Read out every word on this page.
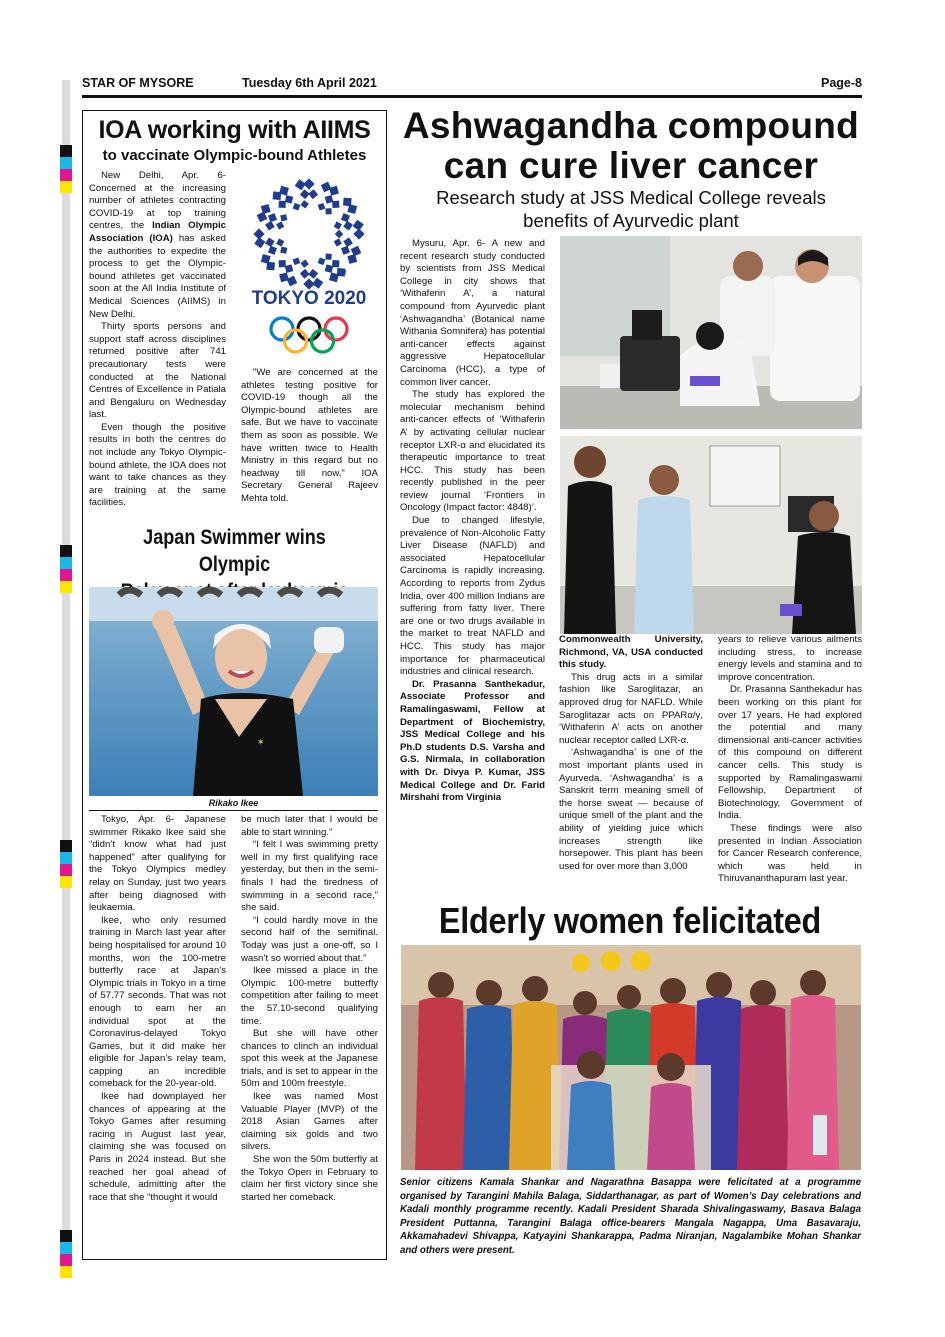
STAR OF MYSORE	Tuesday 6th April 2021	Page-8
IOA working with AIIMS
to vaccinate Olympic-bound Athletes

New Delhi, Apr. 6- Concerned at the increasing number of athletes contracting COVID-19 at top training centres, the Indian Olympic Association (IOA) has asked the authorities to expedite the process to get the Olympic-bound athletes get vaccinated soon at the All India Institute of Medical Sciences (AIIMS) in New Delhi.

Thirty sports persons and support staff across disciplines returned positive after 741 precautionary tests were conducted at the National Centres of Excellence in Patiala and Bengaluru on Wednesday last.

Even though the positive results in both the centres do not include any Tokyo Olympic-bound athlete, the IOA does not want to take chances as they are training at the same facilities.

TM
TOKYO 2020

"We are concerned at the athletes testing positive for COVID-19 though all the Olympic-bound athletes are safe. But we have to vaccinate them as soon as possible. We have written twice to Health Ministry in this regard but no headway till now," IOA Secretary General Rajeev Mehta told.

Japan Swimmer wins Olympic
✶
Rikako Ikee

Tokyo, Apr. 6- Japanese swimmer Rikako Ikee said she “didn’t know what had just happened” after qualifying for the Tokyo Olympics medley relay on Sunday, just two years after being diagnosed with leukaemia.

Ikee, who only resumed training in March last year after being hospitalised for around 10 months, won the 100-metre butterfly race at Japan’s Olympic trials in Tokyo in a time of 57.77 seconds. That was not enough to earn her an individual spot at the Coronavirus-delayed Tokyo Games, but it did make her eligible for Japan’s relay team, capping an incredible comeback for the 20-year-old.

Ikee had downplayed her chances of appearing at the Tokyo Games after resuming racing in August last year, claiming she was focused on Paris in 2024 instead. But she reached her goal ahead of schedule, admitting after the race that she “thought it would

be much later that I would be able to start winning.”

“I felt I was swimming pretty well in my first qualifying race yesterday, but then in the semi-finals I had the tiredness of swimming in a second race,” she said.

“I could hardly move in the second half of the semifinal. Today was just a one-off, so I wasn’t so worried about that.”

Ikee missed a place in the Olympic 100-metre butterfly competition after failing to meet the 57.10-second qualifying time.

But she will have other chances to clinch an individual spot this week at the Japanese trials, and is set to appear in the 50m and 100m freestyle.

Ikee was named Most Valuable Player (MVP) of the 2018 Asian Games after claiming six golds and two silvers.

She won the 50m butterfly at the Tokyo Open in February to claim her first victory since she started her comeback.

Ashwagandha compound
can cure liver cancer
Research study at JSS Medical College reveals
benefits of Ayurvedic plant

Mysuru, Apr. 6- A new and recent research study conducted by scientists from JSS Medical College in city shows that ‘Withaferin A’, a natural compound from Ayurvedic plant ‘Ashwagandha’ (Botanical name Withania Somnifera) has potential anti-cancer effects against aggressive Hepatocellular Carcinoma (HCC), a type of common liver cancer.

The study has explored the molecular mechanism behind anti-cancer effects of ‘Withaferin A’ by activating cellular nuclear receptor LXR-α and elucidated its therapeutic importance to treat HCC. This study has been recently published in the peer review journal ‘Frontiers in Oncology (Impact factor: 4848)’.

Due to changed lifestyle, prevalence of Non-Alcoholic Fatty Liver Disease (NAFLD) and associated Hepatocellular Carcinoma is rapidly increasing. According to reports from Zydus India, over 400 million Indians are suffering from fatty liver. There are one or two drugs available in the market to treat NAFLD and HCC. This study has major importance for pharmaceutical industries and clinical research.

Dr. Prasanna Santhekadur, Associate Professor and Ramalingaswami, Fellow at Department of Biochemistry, JSS Medical College and his Ph.D students D.S. Varsha and G.S. Nirmala, in collaboration with Dr. Divya P. Kumar, JSS Medical College and Dr. Farid Mirshahi from Virginia

Commonwealth University, Richmond, VA, USA conducted this study.

This drug acts in a similar fashion like Saroglitazar, an approved drug for NAFLD. While Saroglitazar acts on PPARα/γ, ‘Withaferin A’ acts on another nuclear receptor called LXR-α.

‘Ashwagandha’ is one of the most important plants used in Ayurveda. ‘Ashwagandha’ is a Sanskrit term meaning smell of the horse sweat — because of unique smell of the plant and the ability of yielding juice which increases strength like horsepower. This plant has been used for over more than 3,000

years to relieve various ailments including stress, to increase energy levels and stamina and to improve concentration.

Dr. Prasanna Santhekadur has been working on this plant for over 17 years. He had explored the potential and many dimensional anti-cancer activities of this compound on different cancer cells. This study is supported by Ramalingaswami Fellowship, Department of Biotechnology, Government of India.

These findings were also presented in Indian Association for Cancer Research conference, which was held in Thiruvananthapuram last year.

Elderly women felicitated
Senior citizens Kamala Shankar and Nagarathna Basappa were felicitated at a programme organised by Tarangini Mahila Balaga, Siddarthanagar, as part of Women’s Day celebrations and Kadali monthly programme recently. Kadali President Sharada Shivalingaswamy, Basava Balaga President Puttanna, Tarangini Balaga office-bearers Mangala Nagappa, Uma Basavaraju, Akkamahadevi Shivappa, Katyayini Shankarappa, Padma Niranjan, Nagalambike Mohan Shankar and others were present.
